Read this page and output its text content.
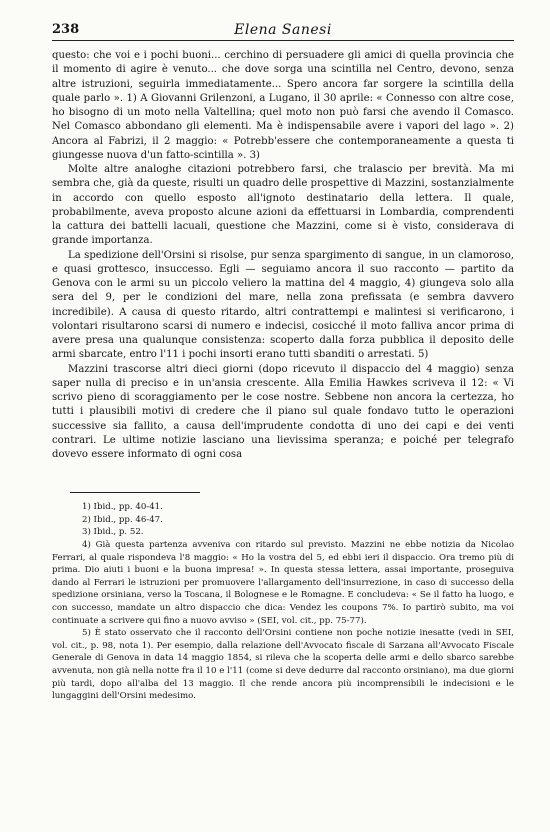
238	Elena Sanesi

questo: che voi e i pochi buoni... cerchino di persuadere gli amici di quella provincia che il momento di agire è venuto... che dove sorga una scintilla nel Centro, devono, senza altre istruzioni, seguirla immediatamente... Spero ancora far sorgere la scintilla della quale parlo ». 1) A Giovanni Grilenzoni, a Lugano, il 30 aprile: « Connesso con altre cose, ho bisogno di un moto nella Valtellina; quel moto non può farsi che avendo il Comasco. Nel Comasco abbondano gli elementi. Ma è indispensabile avere i vapori del lago ». 2) Ancora al Fabrizi, il 2 maggio: « Potrebb'essere che contemporaneamente a questa ti giungesse nuova d'un fatto-scintilla ». 3)

Molte altre analoghe citazioni potrebbero farsi, che tralascio per brevità. Ma mi sembra che, già da queste, risulti un quadro delle prospettive di Mazzini, sostanzialmente in accordo con quello esposto all'ignoto destinatario della lettera. Il quale, probabilmente, aveva proposto alcune azioni da effettuarsi in Lombardia, comprendenti la cattura dei battelli lacuali, questione che Mazzini, come si è visto, considerava di grande importanza.

La spedizione dell'Orsini si risolse, pur senza spargimento di sangue, in un clamoroso, e quasi grottesco, insuccesso. Egli — seguiamo ancora il suo racconto — partito da Genova con le armi su un piccolo veliero la mattina del 4 maggio, 4) giungeva solo alla sera del 9, per le condizioni del mare, nella zona prefissata (e sembra davvero incredibile). A causa di questo ritardo, altri contrattempi e malintesi si verificarono, i volontari risultarono scarsi di numero e indecisi, cosicché il moto falliva ancor prima di avere presa una qualunque consistenza: scoperto dalla forza pubblica il deposito delle armi sbarcate, entro l'11 i pochi insorti erano tutti sbanditi o arrestati. 5)

Mazzini trascorse altri dieci giorni (dopo ricevuto il dispaccio del 4 maggio) senza saper nulla di preciso e in un'ansia crescente. Alla Emilia Hawkes scriveva il 12: « Vi scrivo pieno di scoraggiamento per le cose nostre. Sebbene non ancora la certezza, ho tutti i plausibili motivi di credere che il piano sul quale fondavo tutto le operazioni successive sia fallito, a causa dell'imprudente condotta di uno dei capi e dei venti contrari. Le ultime notizie lasciano una lievissima speranza; e poiché per telegrafo dovevo essere informato di ogni cosa

1) Ibid., pp. 40-41.

2) Ibid., pp. 46-47.

3) Ibid., p. 52.

4) Già questa partenza avveniva con ritardo sul previsto. Mazzini ne ebbe notizia da Nicolao Ferrari, al quale rispondeva l'8 maggio: « Ho la vostra del 5, ed ebbi ieri il dispaccio. Ora tremo più di prima. Dio aiuti i buoni e la buona impresa! ». In questa stessa lettera, assai importante, proseguiva dando al Ferrari le istruzioni per promuovere l'allargamento dell'insurrezione, in caso di successo della spedizione orsiniana, verso la Toscana, il Bolognese e le Romagne. E concludeva: « Se il fatto ha luogo, e con successo, mandate un altro dispaccio che dica: Vendez les coupons 7%. Io partirò subito, ma voi continuate a scrivere qui fino a nuovo avviso » (SEI, vol. cit., pp. 75-77).

5) È stato osservato che il racconto dell'Orsini contiene non poche notizie inesatte (vedi in SEI, vol. cit., p. 98, nota 1). Per esempio, dalla relazione dell'Avvocato fiscale di Sarzana all'Avvocato Fiscale Generale di Genova in data 14 maggio 1854, si rileva che la scoperta delle armi e dello sbarco sarebbe avvenuta, non già nella notte fra il 10 e l'11 (come si deve dedurre dal racconto orsiniano), ma due giorni più tardi, dopo all'alba del 13 maggio. Il che rende ancora più incomprensibili le indecisioni e le lungaggini dell'Orsini medesimo.
